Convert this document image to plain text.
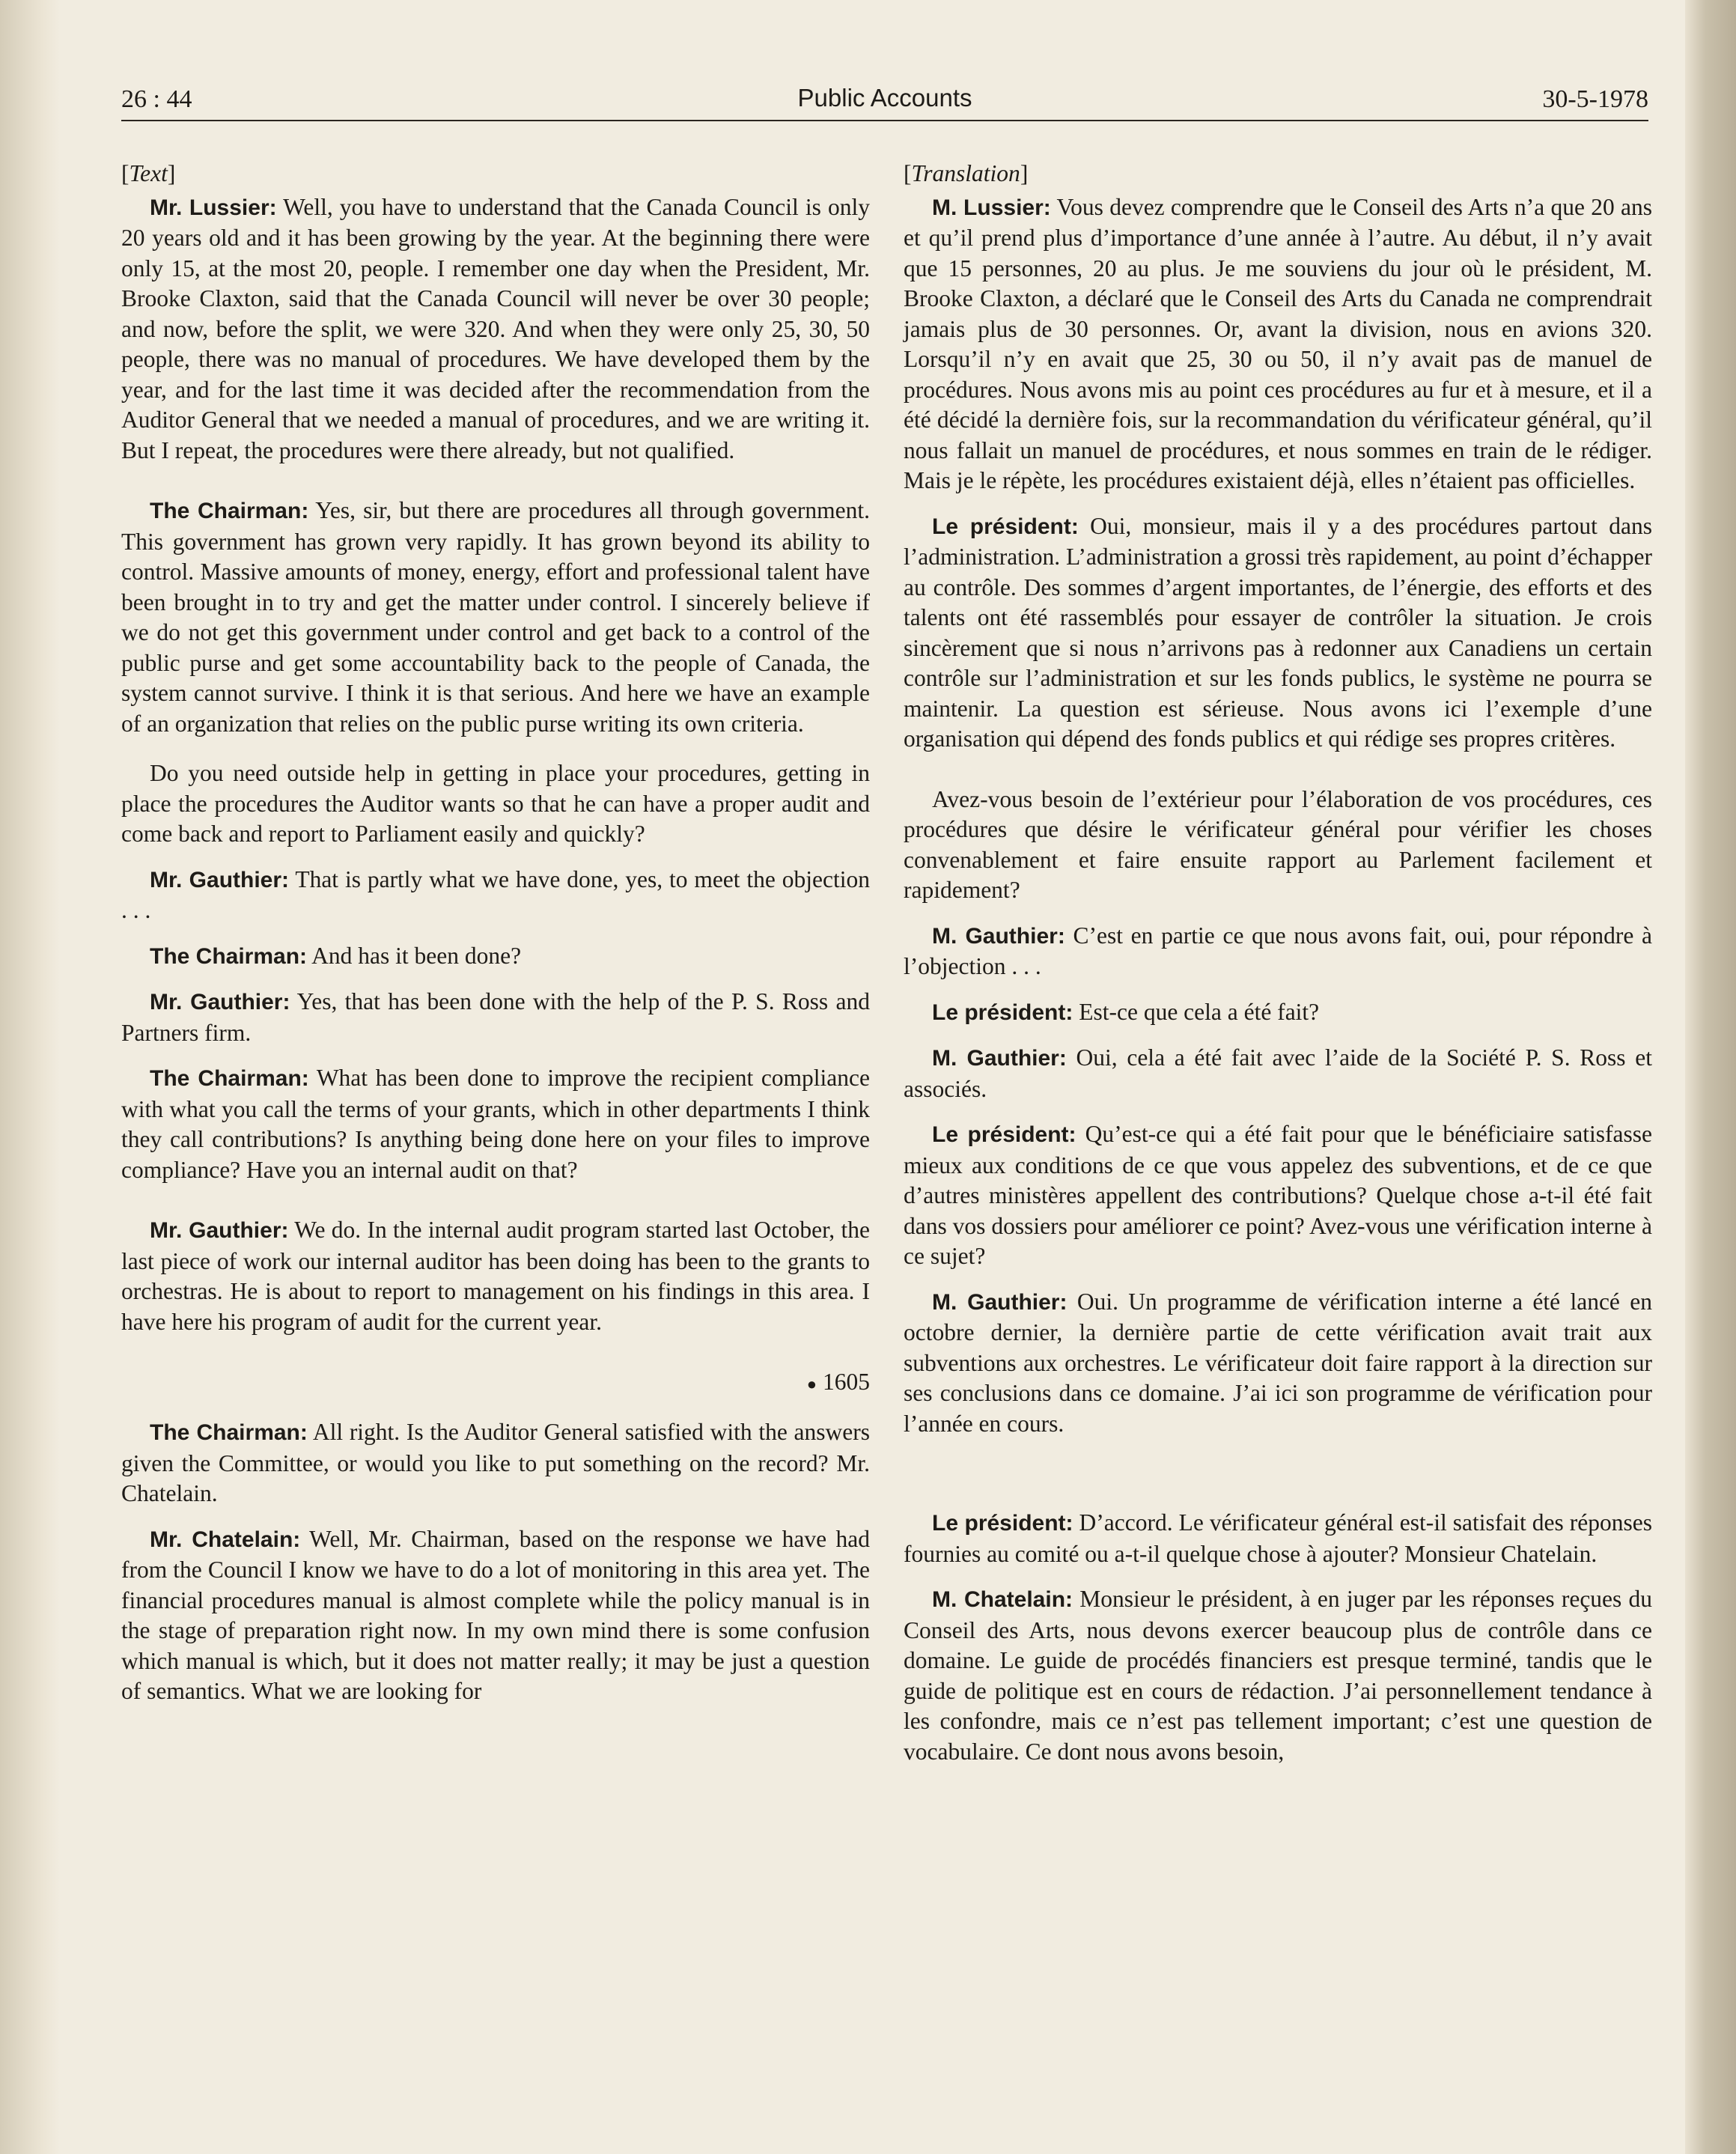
26 : 44	Public Accounts	30-5-1978

[Text]

Mr. Lussier: Well, you have to understand that the Canada Council is only 20 years old and it has been growing by the year. At the beginning there were only 15, at the most 20, people. I remember one day when the President, Mr. Brooke Claxton, said that the Canada Council will never be over 30 people; and now, before the split, we were 320. And when they were only 25, 30, 50 people, there was no manual of procedures. We have developed them by the year, and for the last time it was decided after the recommendation from the Auditor General that we needed a manual of procedures, and we are writing it. But I repeat, the procedures were there already, but not qualified.

The Chairman: Yes, sir, but there are procedures all through government. This government has grown very rapidly. It has grown beyond its ability to control. Massive amounts of money, energy, effort and professional talent have been brought in to try and get the matter under control. I sincerely believe if we do not get this government under control and get back to a control of the public purse and get some accountability back to the people of Canada, the system cannot survive. I think it is that serious. And here we have an example of an organization that relies on the public purse writing its own criteria.

Do you need outside help in getting in place your procedures, getting in place the procedures the Auditor wants so that he can have a proper audit and come back and report to Parliament easily and quickly?

Mr. Gauthier: That is partly what we have done, yes, to meet the objection . . .

The Chairman: And has it been done?

Mr. Gauthier: Yes, that has been done with the help of the P. S. Ross and Partners firm.

The Chairman: What has been done to improve the recipient compliance with what you call the terms of your grants, which in other departments I think they call contributions? Is anything being done here on your files to improve compliance? Have you an internal audit on that?

Mr. Gauthier: We do. In the internal audit program started last October, the last piece of work our internal auditor has been doing has been to the grants to orchestras. He is about to report to management on his findings in this area. I have here his program of audit for the current year.

● 1605

The Chairman: All right. Is the Auditor General satisfied with the answers given the Committee, or would you like to put something on the record? Mr. Chatelain.

Mr. Chatelain: Well, Mr. Chairman, based on the response we have had from the Council I know we have to do a lot of monitoring in this area yet. The financial procedures manual is almost complete while the policy manual is in the stage of preparation right now. In my own mind there is some confusion which manual is which, but it does not matter really; it may be just a question of semantics. What we are looking for

[Translation]

M. Lussier: Vous devez comprendre que le Conseil des Arts n’a que 20 ans et qu’il prend plus d’importance d’une année à l’autre. Au début, il n’y avait que 15 personnes, 20 au plus. Je me souviens du jour où le président, M. Brooke Claxton, a déclaré que le Conseil des Arts du Canada ne comprendrait jamais plus de 30 personnes. Or, avant la division, nous en avions 320. Lorsqu’il n’y en avait que 25, 30 ou 50, il n’y avait pas de manuel de procédures. Nous avons mis au point ces procédures au fur et à mesure, et il a été décidé la dernière fois, sur la recommandation du vérificateur général, qu’il nous fallait un manuel de procédures, et nous sommes en train de le rédiger. Mais je le répète, les procédures existaient déjà, elles n’étaient pas officielles.

Le président: Oui, monsieur, mais il y a des procédures partout dans l’administration. L’administration a grossi très rapidement, au point d’échapper au contrôle. Des sommes d’argent importantes, de l’énergie, des efforts et des talents ont été rassemblés pour essayer de contrôler la situation. Je crois sincèrement que si nous n’arrivons pas à redonner aux Canadiens un certain contrôle sur l’administration et sur les fonds publics, le système ne pourra se maintenir. La question est sérieuse. Nous avons ici l’exemple d’une organisation qui dépend des fonds publics et qui rédige ses propres critères.

Avez-vous besoin de l’extérieur pour l’élaboration de vos procédures, ces procédures que désire le vérificateur général pour vérifier les choses convenablement et faire ensuite rapport au Parlement facilement et rapidement?

M. Gauthier: C’est en partie ce que nous avons fait, oui, pour répondre à l’objection . . .

Le président: Est-ce que cela a été fait?

M. Gauthier: Oui, cela a été fait avec l’aide de la Société P. S. Ross et associés.

Le président: Qu’est-ce qui a été fait pour que le bénéficiaire satisfasse mieux aux conditions de ce que vous appelez des subventions, et de ce que d’autres ministères appellent des contributions? Quelque chose a-t-il été fait dans vos dossiers pour améliorer ce point? Avez-vous une vérification interne à ce sujet?

M. Gauthier: Oui. Un programme de vérification interne a été lancé en octobre dernier, la dernière partie de cette vérification avait trait aux subventions aux orchestres. Le vérificateur doit faire rapport à la direction sur ses conclusions dans ce domaine. J’ai ici son programme de vérification pour l’année en cours.

Le président: D’accord. Le vérificateur général est-il satisfait des réponses fournies au comité ou a-t-il quelque chose à ajouter? Monsieur Chatelain.

M. Chatelain: Monsieur le président, à en juger par les réponses reçues du Conseil des Arts, nous devons exercer beaucoup plus de contrôle dans ce domaine. Le guide de procédés financiers est presque terminé, tandis que le guide de politique est en cours de rédaction. J’ai personnellement tendance à les confondre, mais ce n’est pas tellement important; c’est une question de vocabulaire. Ce dont nous avons besoin,
